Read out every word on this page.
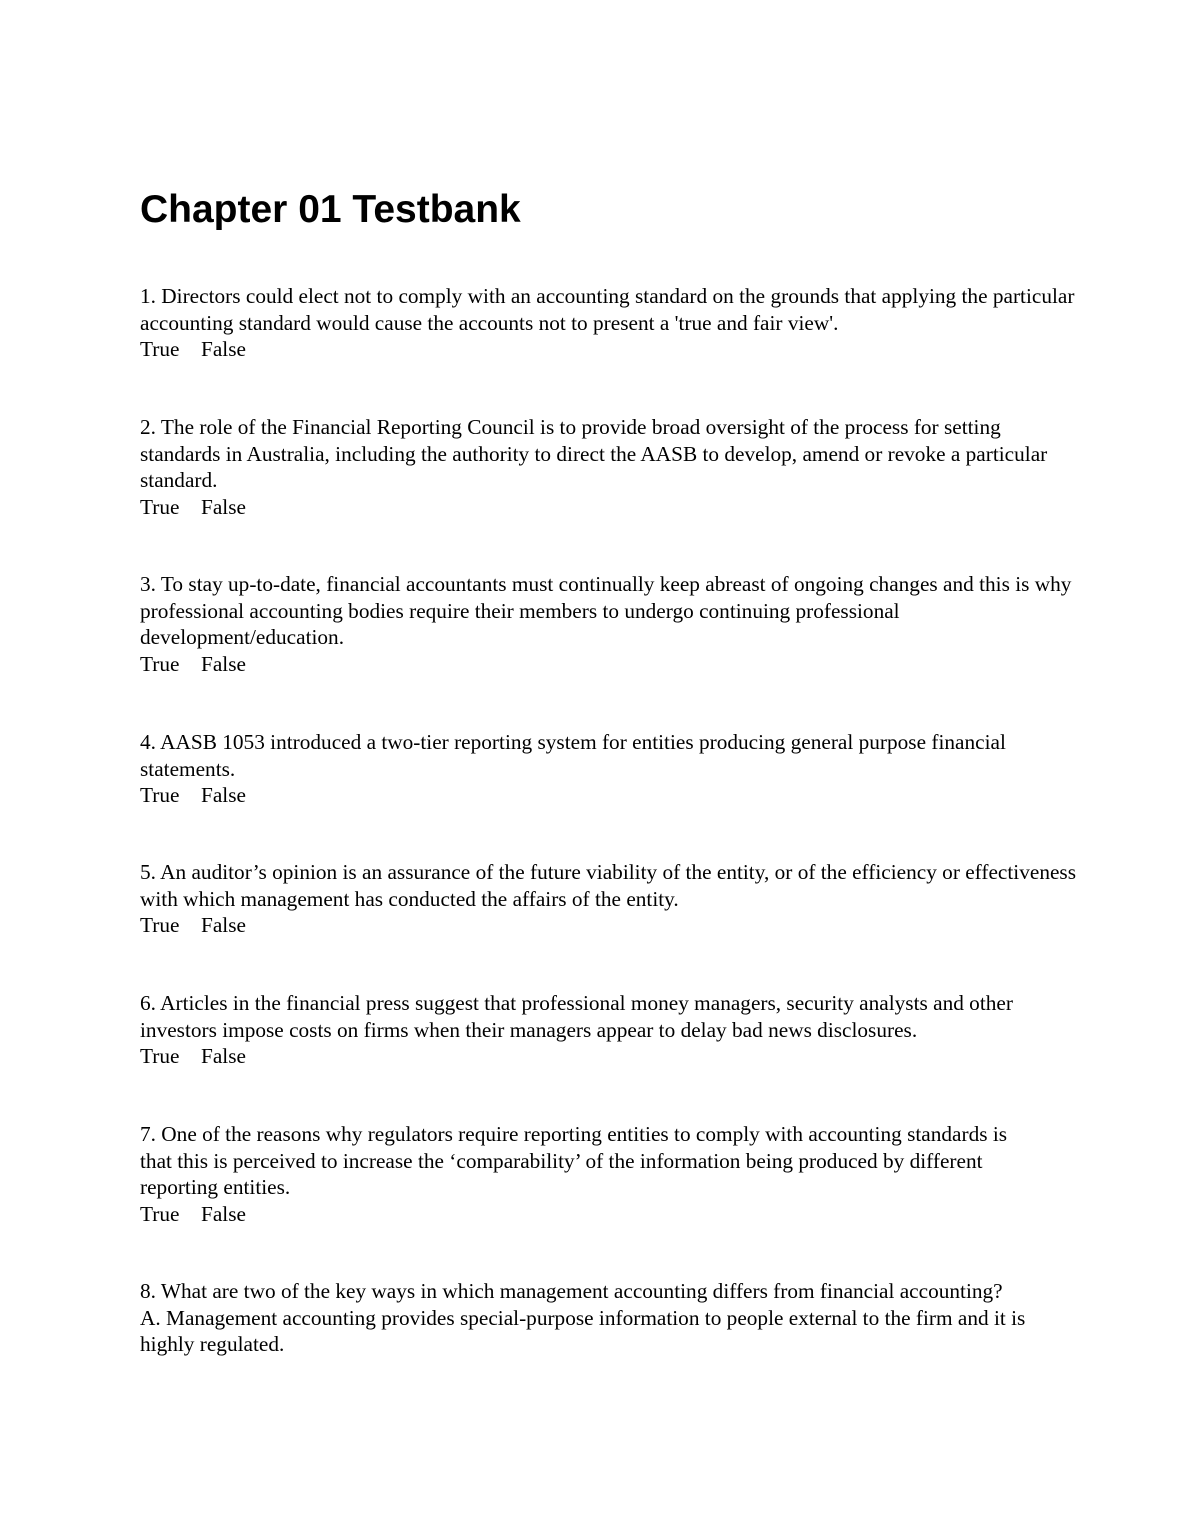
Chapter 01 Testbank

1. Directors could elect not to comply with an accounting standard on the grounds that applying the particular accounting standard would cause the accounts not to present a 'true and fair view'.

True False

2. The role of the Financial Reporting Council is to provide broad oversight of the process for setting standards in Australia, including the authority to direct the AASB to develop, amend or revoke a particular standard.

True False

3. To stay up-to-date, financial accountants must continually keep abreast of ongoing changes and this is why professional accounting bodies require their members to undergo continuing professional development/education.

True False

4. AASB 1053 introduced a two-tier reporting system for entities producing general purpose financial statements.

True False

5. An auditor’s opinion is an assurance of the future viability of the entity, or of the efficiency or effectiveness with which management has conducted the affairs of the entity.

True False

6. Articles in the financial press suggest that professional money managers, security analysts and other investors impose costs on firms when their managers appear to delay bad news disclosures.

True False

7. One of the reasons why regulators require reporting entities to comply with accounting standards is that this is perceived to increase the ‘comparability’ of the information being produced by different reporting entities.

True False

8. What are two of the key ways in which management accounting differs from financial accounting?

A. Management accounting provides special-purpose information to people external to the firm and it is highly regulated.
